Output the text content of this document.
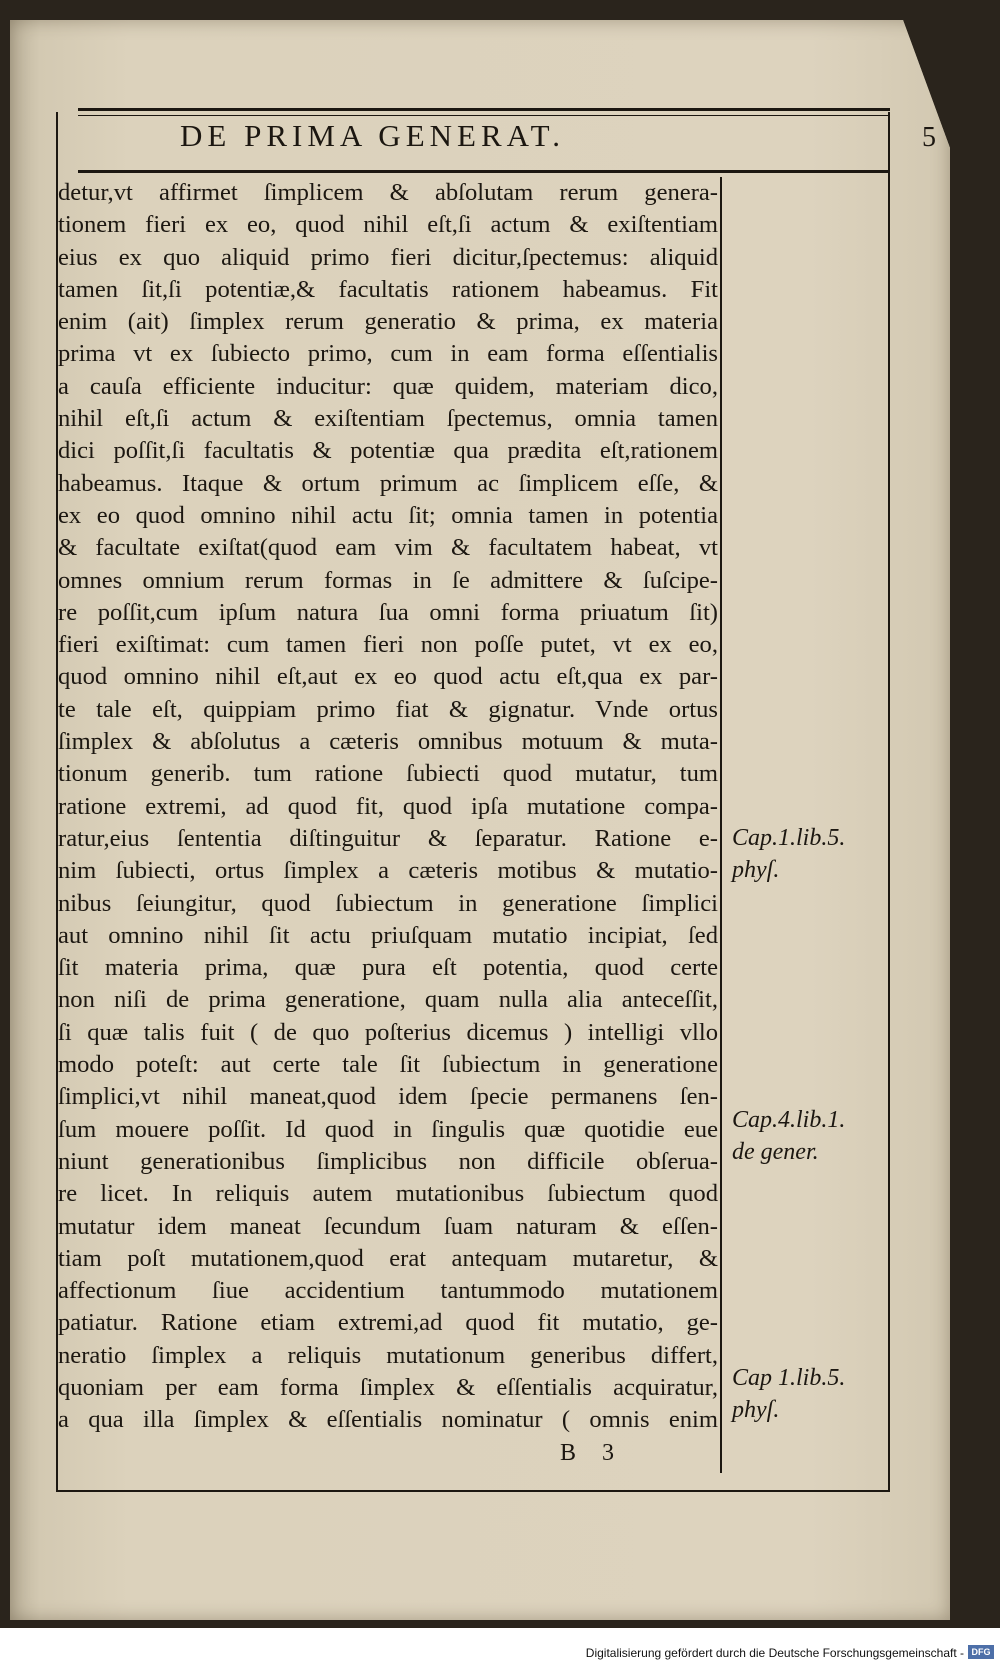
DE PRIMA GENERAT.	5
detur,vt affirmet ſimplicem & abſolutam rerum genera-
tionem fieri ex eo, quod nihil eſt,ſi actum & exiſtentiam
eius ex quo aliquid primo fieri dicitur,ſpectemus: aliquid
tamen ſit,ſi potentiæ,& facultatis rationem habeamus. Fit
enim (ait) ſimplex rerum generatio & prima, ex materia
prima vt ex ſubiecto primo, cum in eam forma eſſentialis
a cauſa efficiente inducitur: quæ quidem, materiam dico,
nihil eſt,ſi actum & exiſtentiam ſpectemus, omnia tamen
dici poſſit,ſi facultatis & potentiæ qua prædita eſt,rationem
habeamus. Itaque & ortum primum ac ſimplicem eſſe, &
ex eo quod omnino nihil actu ſit; omnia tamen in potentia
& facultate exiſtat(quod eam vim & facultatem habeat, vt
omnes omnium rerum formas in ſe admittere & ſuſcipe-
re poſſit,cum ipſum natura ſua omni forma priuatum ſit)
fieri exiſtimat: cum tamen fieri non poſſe putet, vt ex eo,
quod omnino nihil eſt,aut ex eo quod actu eſt,qua ex par-
te tale eſt, quippiam primo fiat & gignatur. Vnde ortus
ſimplex & abſolutus a cæteris omnibus motuum & muta-
tionum generib. tum ratione ſubiecti quod mutatur, tum
ratione extremi, ad quod fit, quod ipſa mutatione compa-
ratur,eius ſententia diſtinguitur & ſeparatur. Ratione e-
nim ſubiecti, ortus ſimplex a cæteris motibus & mutatio-
nibus ſeiungitur, quod ſubiectum in generatione ſimplici
aut omnino nihil ſit actu priuſquam mutatio incipiat, ſed
ſit materia prima, quæ pura eſt potentia, quod certe
non niſi de prima generatione, quam nulla alia anteceſſit,
ſi quæ talis fuit ( de quo poſterius dicemus ) intelligi vllo
modo poteſt: aut certe tale ſit ſubiectum in generatione
ſimplici,vt nihil maneat,quod idem ſpecie permanens ſen-
ſum mouere poſſit. Id quod in ſingulis quæ quotidie eue
niunt generationibus ſimplicibus non difficile obſerua-
re licet. In reliquis autem mutationibus ſubiectum quod
mutatur idem maneat ſecundum ſuam naturam & eſſen-
tiam poſt mutationem,quod erat antequam mutaretur, &
affectionum ſiue accidentium tantummodo mutationem
patiatur. Ratione etiam extremi,ad quod fit mutatio, ge-
neratio ſimplex a reliquis mutationum generibus differt,
quoniam per eam forma ſimplex & eſſentialis acquiratur,
a qua illa ſimplex & eſſentialis nominatur ( omnis enim
Cap.1.lib.5.
phyſ.
Cap.4.lib.1.
de gener.
Cap 1.lib.5.
phyſ.
B 3
Digitalisierung gefördert durch die Deutsche Forschungsgemeinschaft - DFG
